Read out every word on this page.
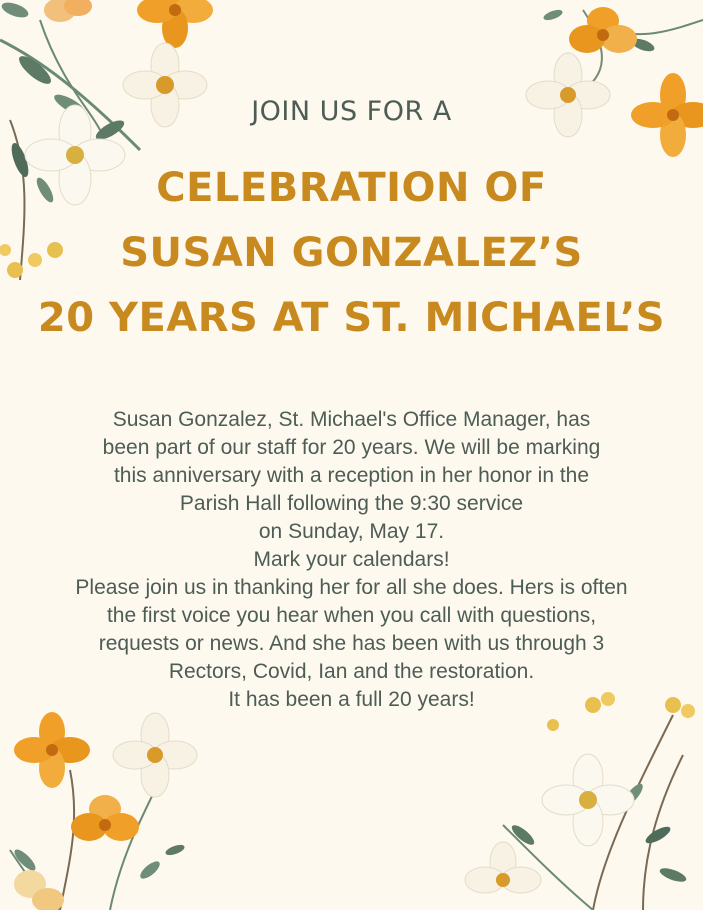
JOIN US FOR A
CELEBRATION OF
SUSAN GONZALEZ’S
20 YEARS AT ST. MICHAEL’S
Susan Gonzalez, St. Michael's Office Manager, has
been part of our staff for 20 years. We will be marking
this anniversary with a reception in her honor in the
Parish Hall following the 9:30 service
on Sunday, May 17.
Mark your calendars!
Please join us in thanking her for all she does. Hers is often
the first voice you hear when you call with questions,
requests or news. And she has been with us through 3
Rectors, Covid, Ian and the restoration.
It has been a full 20 years!
